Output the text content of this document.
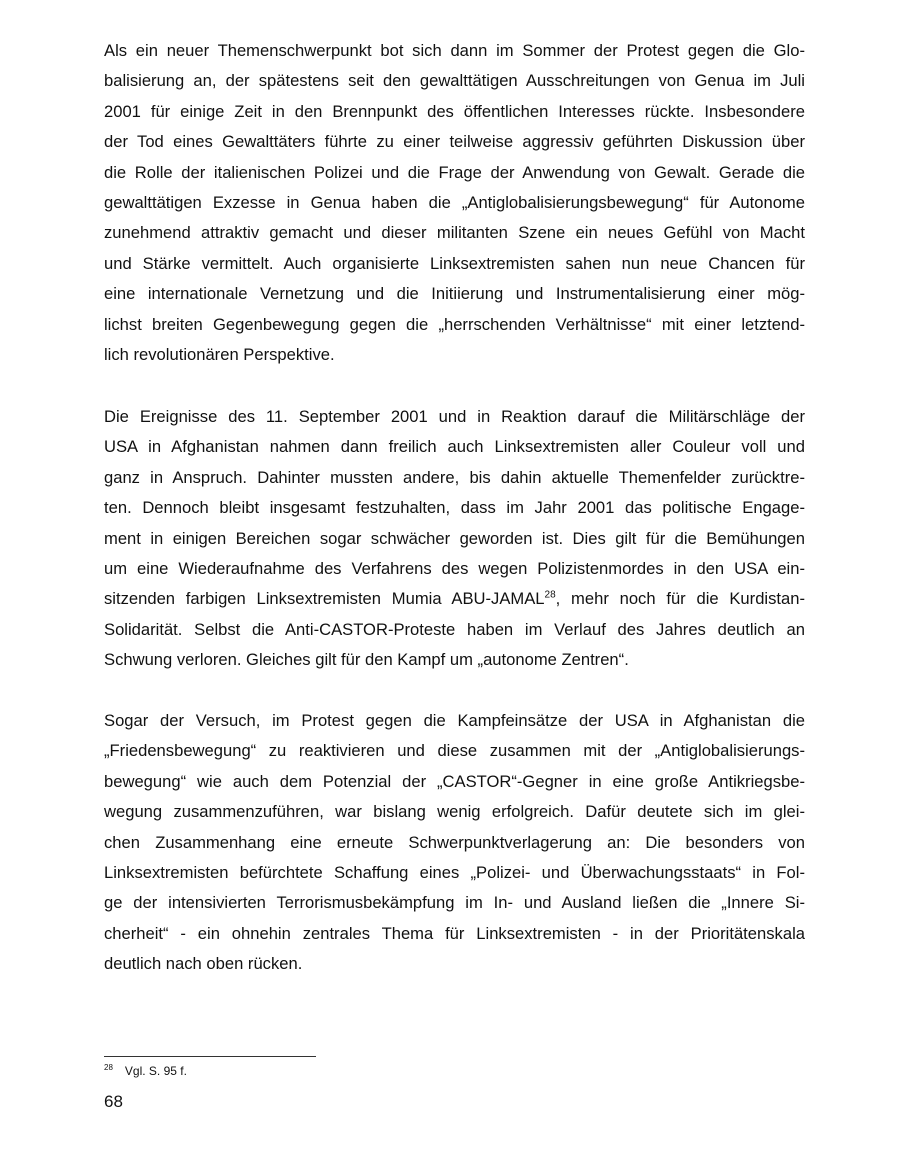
Als ein neuer Themenschwerpunkt bot sich dann im Sommer der Protest gegen die Glo-
balisierung an, der spätestens seit den gewalttätigen Ausschreitungen von Genua im Juli
2001 für einige Zeit in den Brennpunkt des öffentlichen Interesses rückte. Insbesondere
der Tod eines Gewalttäters führte zu einer teilweise aggressiv geführten Diskussion über
die Rolle der italienischen Polizei und die Frage der Anwendung von Gewalt. Gerade die
gewalttätigen Exzesse in Genua haben die „Antiglobalisierungsbewegung“ für Autonome
zunehmend attraktiv gemacht und dieser militanten Szene ein neues Gefühl von Macht
und Stärke vermittelt. Auch organisierte Linksextremisten sahen nun neue Chancen für
eine internationale Vernetzung und die Initiierung und Instrumentalisierung einer mög-
lichst breiten Gegenbewegung gegen die „herrschenden Verhältnisse“ mit einer letztend-
lich revolutionären Perspektive.
Die Ereignisse des 11. September 2001 und in Reaktion darauf die Militärschläge der
USA in Afghanistan nahmen dann freilich auch Linksextremisten aller Couleur voll und
ganz in Anspruch. Dahinter mussten andere, bis dahin aktuelle Themenfelder zurücktre-
ten. Dennoch bleibt insgesamt festzuhalten, dass im Jahr 2001 das politische Engage-
ment in einigen Bereichen sogar schwächer geworden ist. Dies gilt für die Bemühungen
um eine Wiederaufnahme des Verfahrens des wegen Polizistenmordes in den USA ein-
sitzenden farbigen Linksextremisten Mumia ABU-JAMAL$^{28}$, mehr noch für die Kurdistan-
Solidarität. Selbst die Anti-CASTOR-Proteste haben im Verlauf des Jahres deutlich an
Schwung verloren. Gleiches gilt für den Kampf um „autonome Zentren“.
Sogar der Versuch, im Protest gegen die Kampfeinsätze der USA in Afghanistan die
„Friedensbewegung“ zu reaktivieren und diese zusammen mit der „Antiglobalisierungs-
bewegung“ wie auch dem Potenzial der „CASTOR“-Gegner in eine große Antikriegsbe-
wegung zusammenzuführen, war bislang wenig erfolgreich. Dafür deutete sich im glei-
chen Zusammenhang eine erneute Schwerpunktverlagerung an: Die besonders von
Linksextremisten befürchtete Schaffung eines „Polizei- und Überwachungsstaats“ in Fol-
ge der intensivierten Terrorismusbekämpfung im In- und Ausland ließen die „Innere Si-
cherheit“ - ein ohnehin zentrales Thema für Linksextremisten - in der Prioritätenskala
deutlich nach oben rücken.
$^{28}$ Vgl. S. 95 f.
68
